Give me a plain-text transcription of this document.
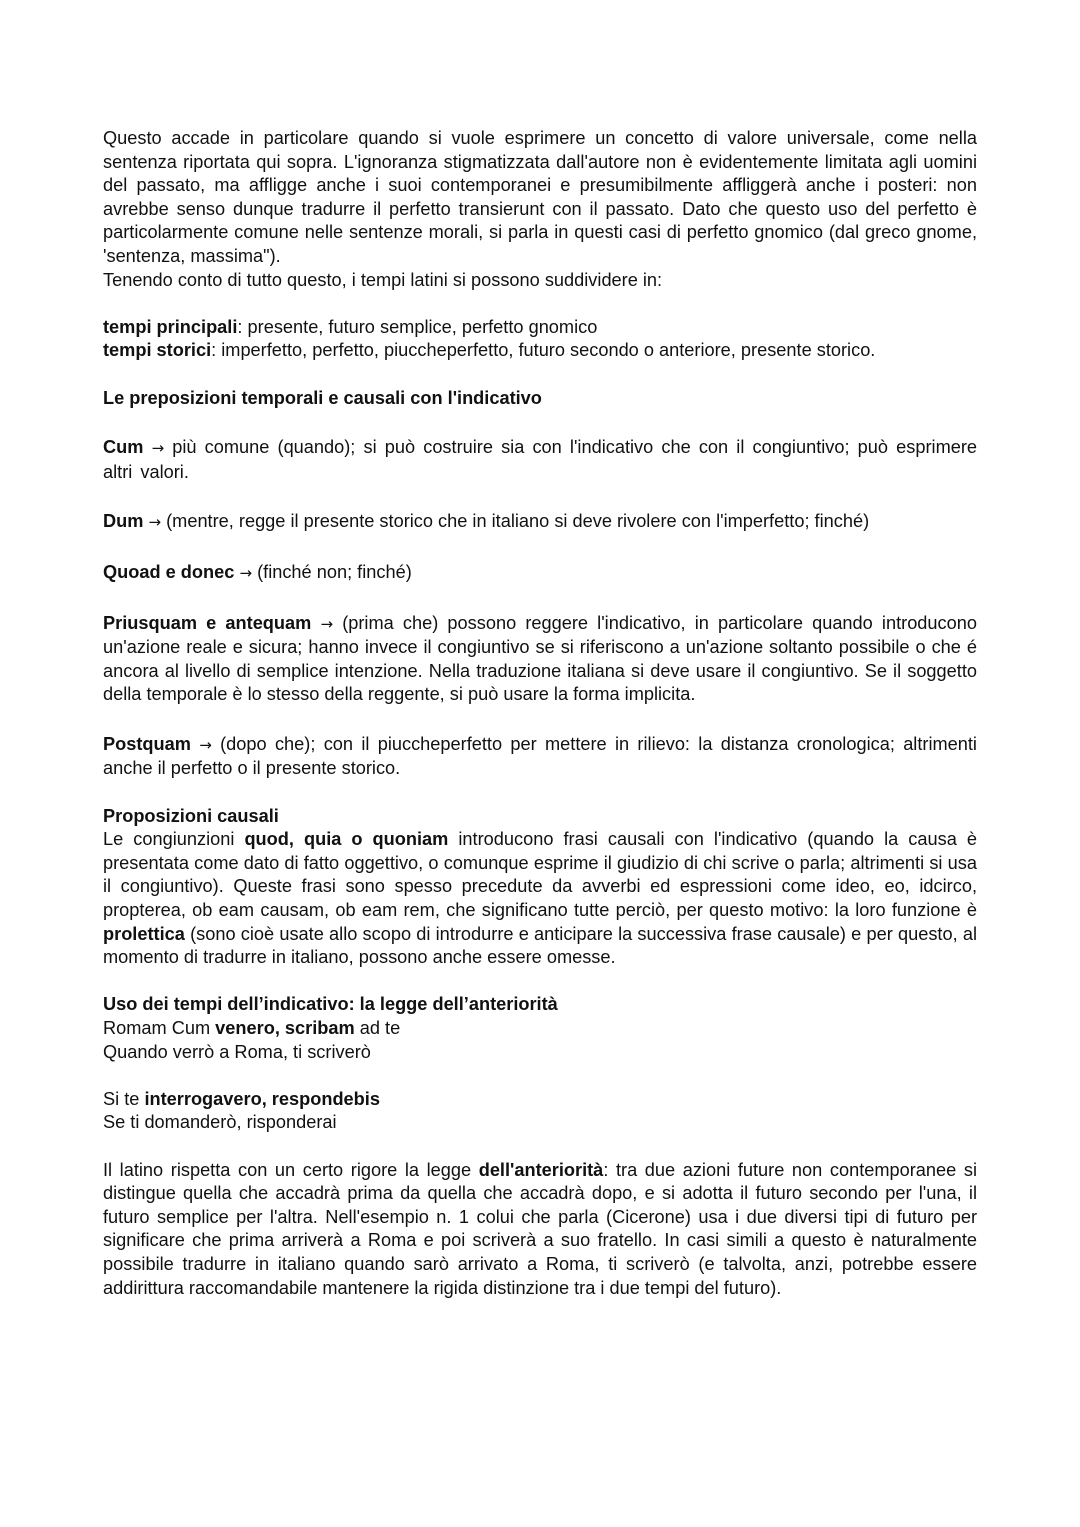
Questo accade in particolare quando si vuole esprimere un concetto di valore universale, come nella sentenza riportata qui sopra. L'ignoranza stigmatizzata dall'autore non è evidentemente limitata agli uomini del passato, ma affligge anche i suoi contemporanei e presumibilmente affliggerà anche i posteri: non avrebbe senso dunque tradurre il perfetto transierunt con il passato. Dato che questo uso del perfetto è particolarmente comune nelle sentenze morali, si parla in questi casi di perfetto gnomico (dal greco gnome, 'sentenza, massima").

Tenendo conto di tutto questo, i tempi latini si possono suddividere in:

tempi principali: presente, futuro semplice, perfetto gnomico

tempi storici: imperfetto, perfetto, piuccheperfetto, futuro secondo o anteriore, presente storico.

Le preposizioni temporali e causali con l'indicativo

Cum → più comune (quando); si può costruire sia con l'indicativo che con il congiuntivo; può esprimere altri valori.

Dum → (mentre, regge il presente storico che in italiano si deve rivolere con l'imperfetto; finché)

Quoad e donec → (finché non; finché)

Priusquam e antequam → (prima che) possono reggere l'indicativo, in particolare quando introducono un'azione reale e sicura; hanno invece il congiuntivo se si riferiscono a un'azione soltanto possibile o che é ancora al livello di semplice intenzione. Nella traduzione italiana si deve usare il congiuntivo. Se il soggetto della temporale è lo stesso della reggente, si può usare la forma implicita.

Postquam → (dopo che); con il piuccheperfetto per mettere in rilievo: la distanza cronologica; altrimenti anche il perfetto o il presente storico.

Proposizioni causali

Le congiunzioni quod, quia o quoniam introducono frasi causali con l'indicativo (quando la causa è presentata come dato di fatto oggettivo, o comunque esprime il giudizio di chi scrive o parla; altrimenti si usa il congiuntivo). Queste frasi sono spesso precedute da avverbi ed espressioni come ideo, eo, idcirco, propterea, ob eam causam, ob eam rem, che significano tutte perciò, per questo motivo: la loro funzione è prolettica (sono cioè usate allo scopo di introdurre e anticipare la successiva frase causale) e per questo, al momento di tradurre in italiano, possono anche essere omesse.

Uso dei tempi dell’indicativo: la legge dell’anteriorità

Romam Cum venero, scribam ad te

Quando verrò a Roma, ti scriverò

Si te interrogavero, respondebis

Se ti domanderò, risponderai

Il latino rispetta con un certo rigore la legge dell'anteriorità: tra due azioni future non contemporanee si distingue quella che accadrà prima da quella che accadrà dopo, e si adotta il futuro secondo per l'una, il futuro semplice per l'altra. Nell'esempio n. 1 colui che parla (Cicerone) usa i due diversi tipi di futuro per significare che prima arriverà a Roma e poi scriverà a suo fratello. In casi simili a questo è naturalmente possibile tradurre in italiano quando sarò arrivato a Roma, ti scriverò (e talvolta, anzi, potrebbe essere addirittura raccomandabile mantenere la rigida distinzione tra i due tempi del futuro).
